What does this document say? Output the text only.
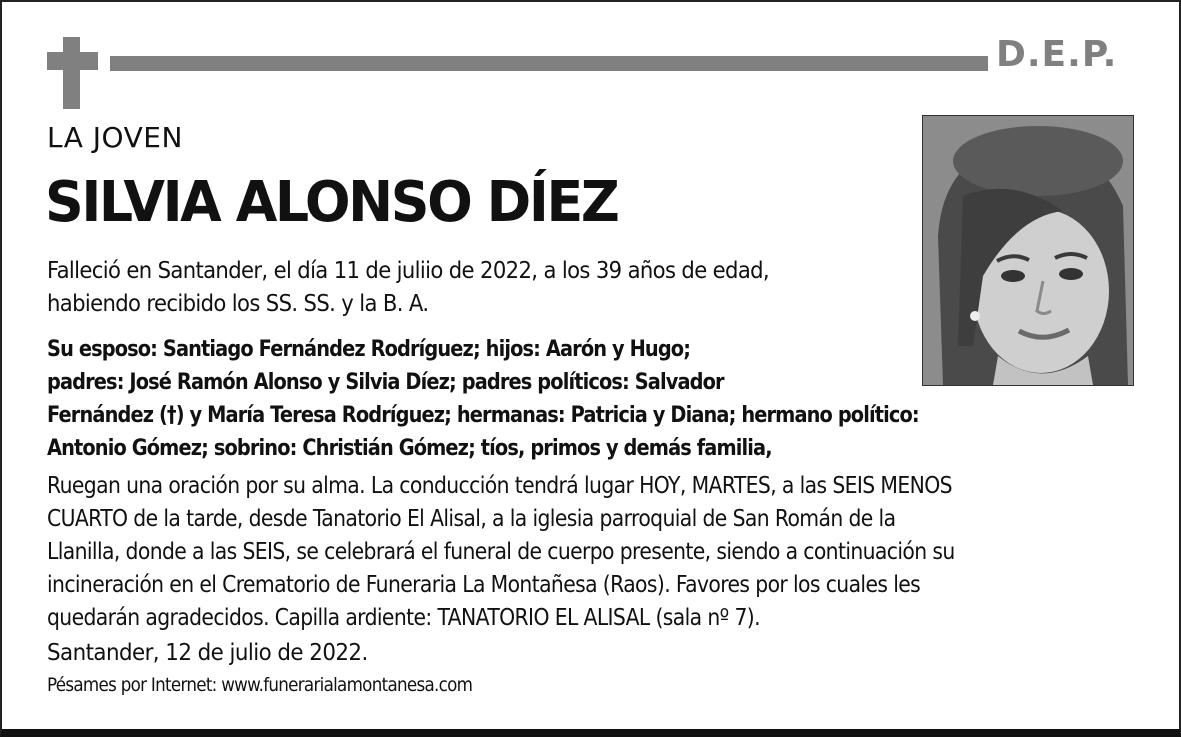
D.E.P.
LA JOVEN
SILVIA ALONSO DÍEZ
Falleció en Santander, el día 11 de juliio de 2022, a los 39 años de edad,
habiendo recibido los SS. SS. y la B. A.
Su esposo: Santiago Fernández Rodríguez; hijos: Aarón y Hugo;
padres: José Ramón Alonso y Silvia Díez; padres políticos: Salvador
Fernández (†) y María Teresa Rodríguez; hermanas: Patricia y Diana; hermano político:
Antonio Gómez; sobrino: Christián Gómez; tíos, primos y demás familia,
Ruegan una oración por su alma. La conducción tendrá lugar HOY, MARTES, a las SEIS MENOS
CUARTO de la tarde, desde Tanatorio El Alisal, a la iglesia parroquial de San Román de la
Llanilla, donde a las SEIS, se celebrará el funeral de cuerpo presente, siendo a continuación su
incineración en el Crematorio de Funeraria La Montañesa (Raos). Favores por los cuales les
quedarán agradecidos. Capilla ardiente: TANATORIO EL ALISAL (sala nº 7).
Santander, 12 de julio de 2022.
Pésames por Internet: www.funerarialamontanesa.com
